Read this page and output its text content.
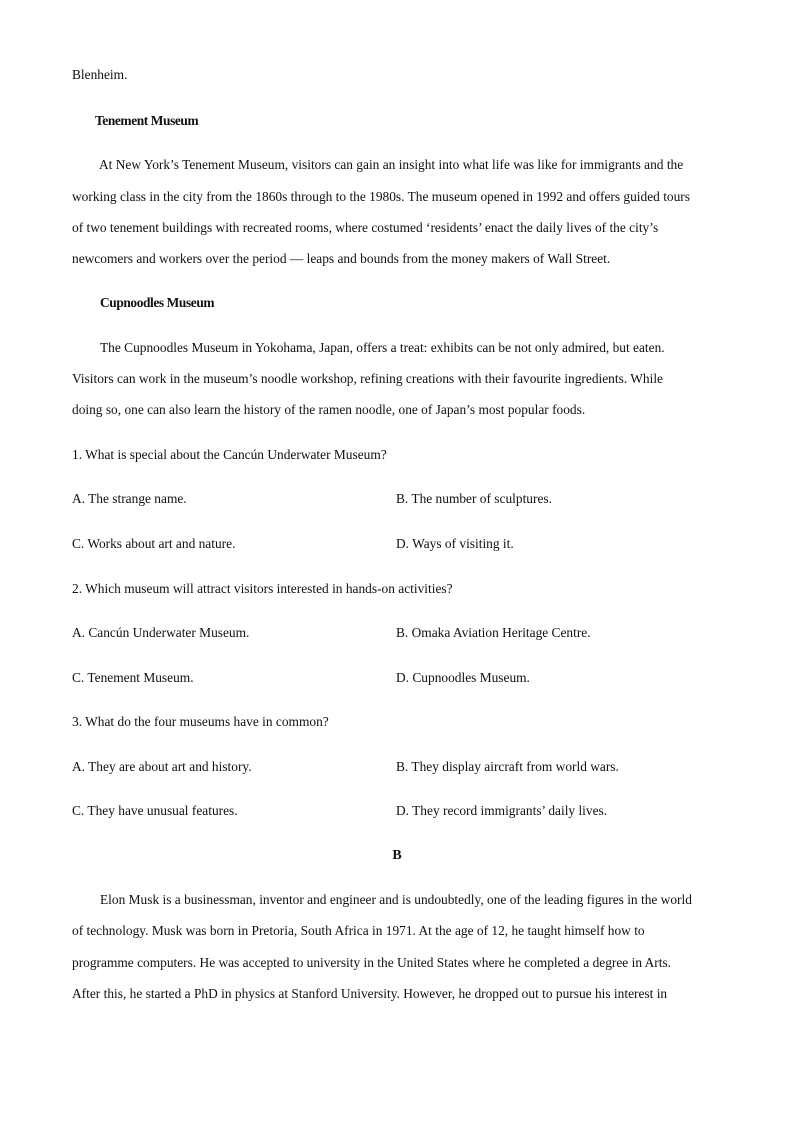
Blenheim.
Tenement Museum
At New York’s Tenement Museum, visitors can gain an insight into what life was like for immigrants and the
working class in the city from the 1860s through to the 1980s. The museum opened in 1992 and offers guided tours
of two tenement buildings with recreated rooms, where costumed ‘residents’ enact the daily lives of the city’s
newcomers and workers over the period — leaps and bounds from the money makers of Wall Street.
Cupnoodles Museum
The Cupnoodles Museum in Yokohama, Japan, offers a treat: exhibits can be not only admired, but eaten.
Visitors can work in the museum’s noodle workshop, refining creations with their favourite ingredients. While
doing so, one can also learn the history of the ramen noodle, one of Japan’s most popular foods.
1. What is special about the Cancún Underwater Museum?
A. The strange name.	B. The number of sculptures.
C. Works about art and nature.	D. Ways of visiting it.
2. Which museum will attract visitors interested in hands-on activities?
A. Cancún Underwater Museum.	B. Omaka Aviation Heritage Centre.
C. Tenement Museum.	D. Cupnoodles Museum.
3. What do the four museums have in common?
A. They are about art and history.	B. They display aircraft from world wars.
C. They have unusual features.	D. They record immigrants’ daily lives.
B
Elon Musk is a businessman, inventor and engineer and is undoubtedly, one of the leading figures in the world
of technology. Musk was born in Pretoria, South Africa in 1971. At the age of 12, he taught himself how to
programme computers. He was accepted to university in the United States where he completed a degree in Arts.
After this, he started a PhD in physics at Stanford University. However, he dropped out to pursue his interest in
